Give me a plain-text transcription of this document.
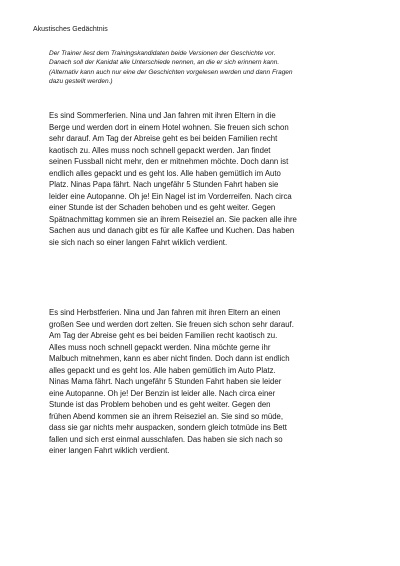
Akustisches Gedächtnis
Der Trainer liest dem Trainingskandidaten beide Versionen der Geschichte vor.
Danach soll der Kanidat alle Unterschiede nennen, an die er sich erinnern kann.
(Alternativ kann auch nur eine der Geschichten vorgelesen werden und dann Fragen
dazu gestellt werden.)
Es sind Sommerferien. Nina und Jan fahren mit ihren Eltern in die
Berge und werden dort in einem Hotel wohnen. Sie freuen sich schon
sehr darauf. Am Tag der Abreise geht es bei beiden Familien recht
kaotisch zu. Alles muss noch schnell gepackt werden. Jan findet
seinen Fussball nicht mehr, den er mitnehmen möchte. Doch dann ist
endlich alles gepackt und es geht los. Alle haben gemütlich im Auto
Platz. Ninas Papa fährt. Nach ungefähr 5 Stunden Fahrt haben sie
leider eine Autopanne. Oh je! Ein Nagel ist im Vorderreifen. Nach circa
einer Stunde ist der Schaden behoben und es geht weiter. Gegen
Spätnachmittag kommen sie an ihrem Reiseziel an. Sie packen alle ihre
Sachen aus und danach gibt es für alle Kaffee und Kuchen. Das haben
sie sich nach so einer langen Fahrt wiklich verdient.
Es sind Herbstferien. Nina und Jan fahren mit ihren Eltern an einen
großen See und werden dort zelten. Sie freuen sich schon sehr darauf.
Am Tag der Abreise geht es bei beiden Familien recht kaotisch zu.
Alles muss noch schnell gepackt werden. Nina möchte gerne ihr
Malbuch mitnehmen, kann es aber nicht finden. Doch dann ist endlich
alles gepackt und es geht los. Alle haben gemütlich im Auto Platz.
Ninas Mama fährt. Nach ungefähr 5 Stunden Fahrt haben sie leider
eine Autopanne. Oh je! Der Benzin ist leider alle. Nach circa einer
Stunde ist das Problem behoben und es geht weiter. Gegen den
frühen Abend kommen sie an ihrem Reiseziel an. Sie sind so müde,
dass sie gar nichts mehr auspacken, sondern gleich totmüde ins Bett
fallen und sich erst einmal ausschlafen. Das haben sie sich nach so
einer langen Fahrt wiklich verdient.
